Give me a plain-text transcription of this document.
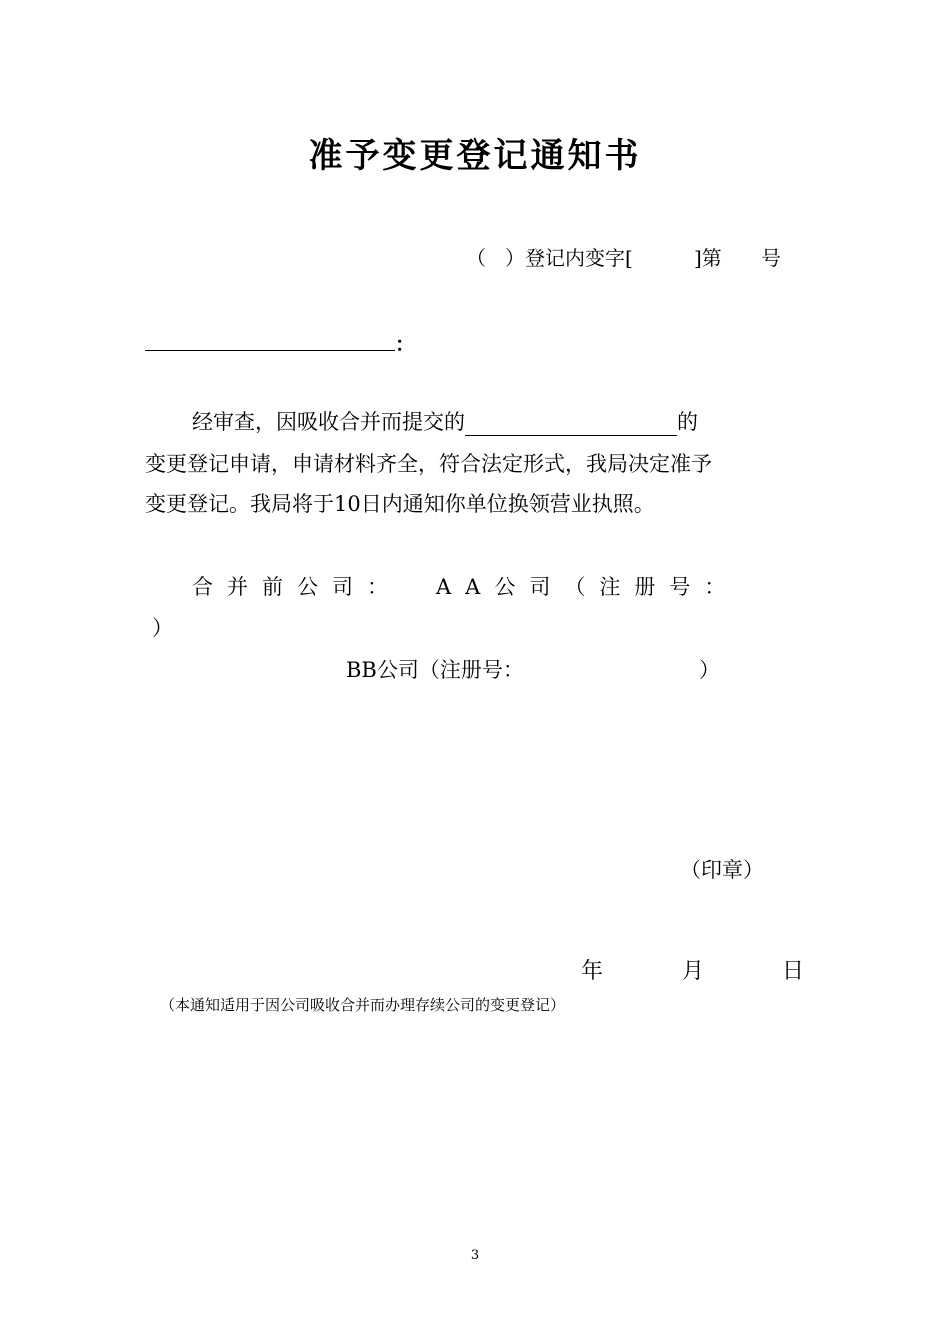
准予变更登记通知书
（ ）登记内变字[	]第 号
：
经审查，因吸收合并而提交的	的
变更登记申请，申请材料齐全，符合法定形式，我局决定准予
变更登记。我局将于10日内通知你单位换领营业执照。
合并前公司： AA公司（注册号：
）
BB公司（注册号：	）
（印章）
年	月	日
（本通知适用于因公司吸收合并而办理存续公司的变更登记）
3
